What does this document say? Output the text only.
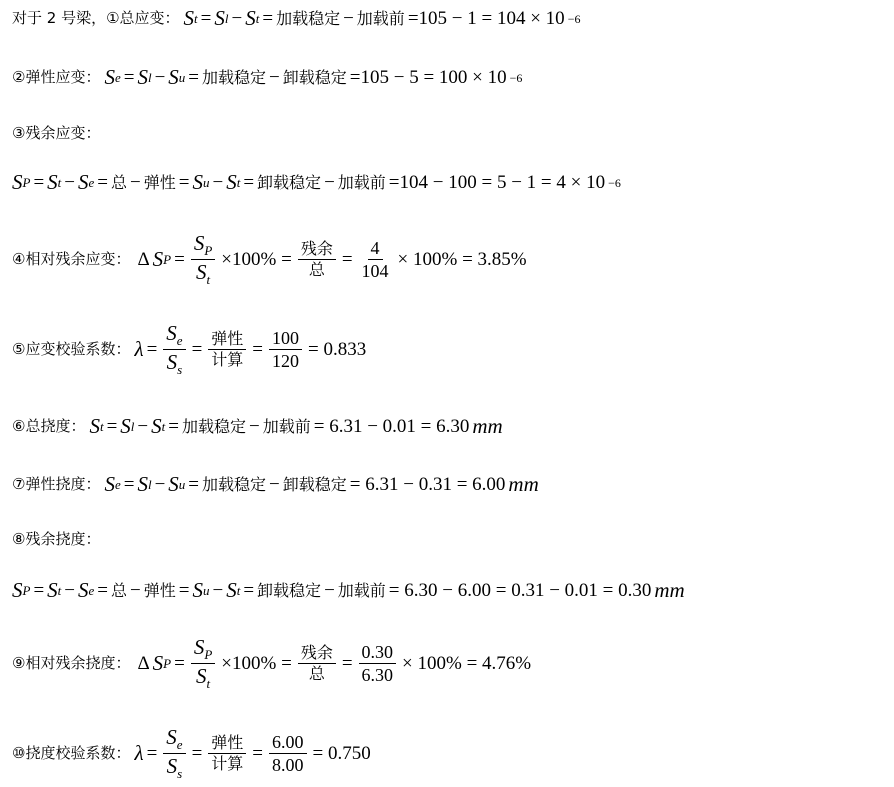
对于 2 号梁，①总应变： S t = S l − S t = 加载稳定 − 加载前 =105 − 1 = 104 × 10 −6
②弹性应变： S e = S l − S u = 加载稳定 − 卸载稳定 =105 − 5 = 100 × 10 −6
③残余应变：
S P = S t − S e = 总 − 弹性 = S u − S t = 卸载稳定 − 加载前 =104 − 100 = 5 − 1 = 4 × 10 −6
④相对残余应变： Δ S $P = \frac{S_P}{S_t} \times 100\% = \frac{\text{残余}}{\text{总}} = \frac{4}{104} \times 100\% = 3.85\%$
⑤应变校验系数： $\lambda = \frac{S_e}{S_s} = \frac{\text{弹性}}{\text{计算}} = \frac{100}{120} = 0.833$
⑥总挠度： S t = S l − S t = 加载稳定 − 加载前 = 6.31 − 0.01 = 6.30 mm
⑦弹性挠度： S e = S l − S u = 加载稳定 − 卸载稳定 = 6.31 − 0.31 = 6.00 mm
⑧残余挠度：
S P = S t − S e = 总 − 弹性 = S u − S t = 卸载稳定 − 加载前 = 6.30 − 6.00 = 0.31 − 0.01 = 0.30 mm
⑨相对残余挠度： Δ S $P = \frac{S_P}{S_t} \times 100\% = \frac{\text{残余}}{\text{总}} = \frac{0.30}{6.30} \times 100\% = 4.76\%$
⑩挠度校验系数： $\lambda = \frac{S_e}{S_s} = \frac{\text{弹性}}{\text{计算}} = \frac{6.00}{8.00} = 0.750$
